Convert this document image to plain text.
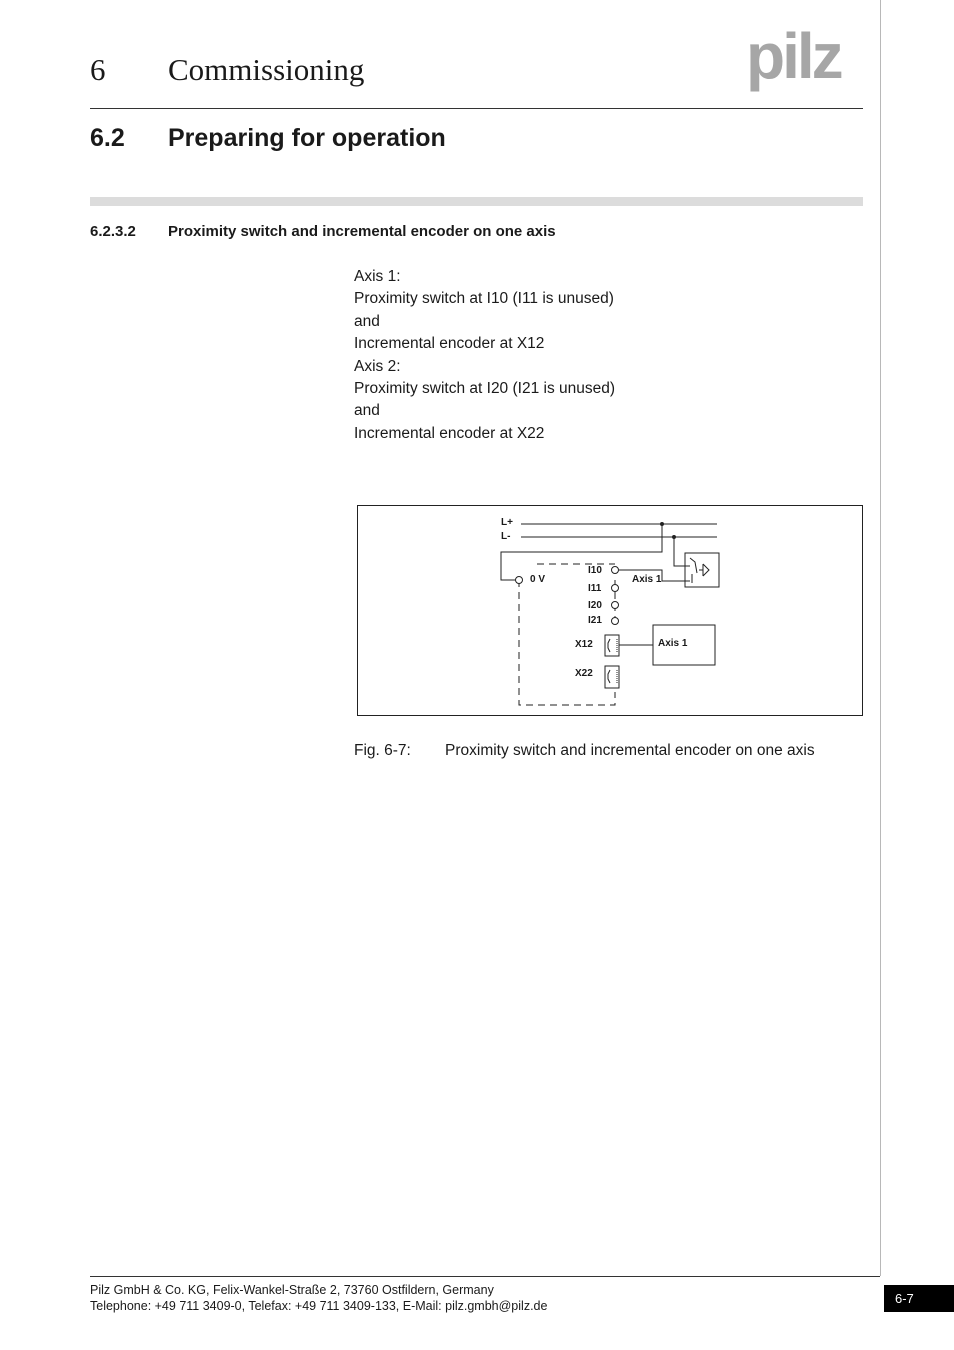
6 Commissioning	pilz
6.2 Preparing for operation
6.2.3.2 Proximity switch and incremental encoder on one axis
Axis 1:
Proximity switch at I10 (I11 is unused)
and
Incremental encoder at X12
Axis 2:
Proximity switch at I20 (I21 is unused)
and
Incremental encoder at X22
L+
L-
0 V
I10
I11
I20
I21
X12
X22
Axis 1
Axis 1
Fig. 6-7: Proximity switch and incremental encoder on one axis
Pilz GmbH & Co. KG, Felix-Wankel-Straße 2, 73760 Ostfildern, Germany
Telephone: +49 711 3409-0, Telefax: +49 711 3409-133, E-Mail: pilz.gmbh@pilz.de	6-7
